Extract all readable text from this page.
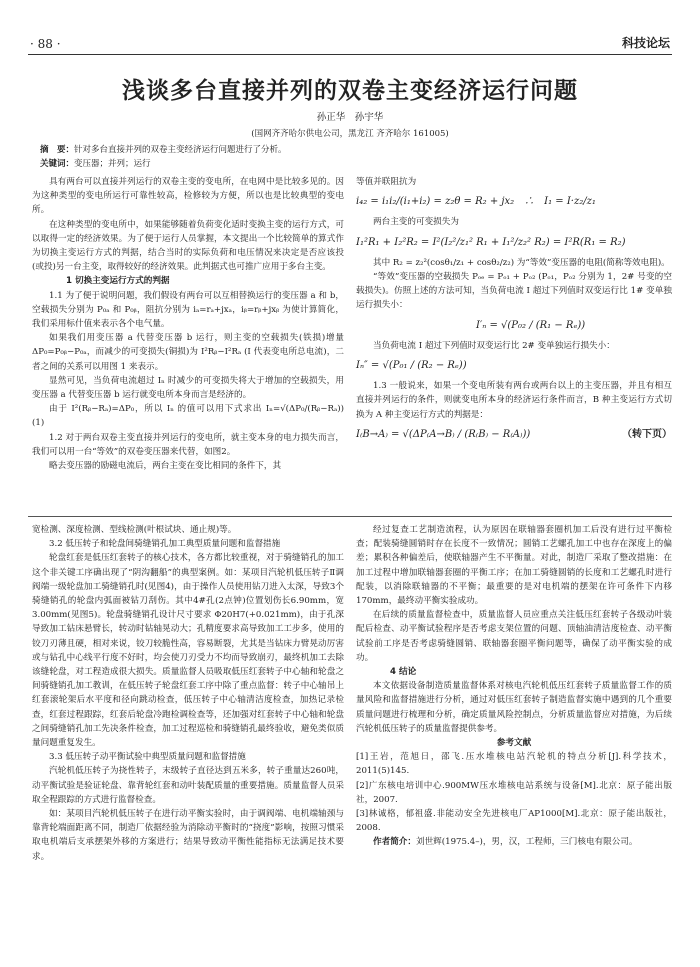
· 88 ·	科技论坛
浅谈多台直接并列的双卷主变经济运行问题
孙正华　孙宇华
(国网齐齐哈尔供电公司，黑龙江 齐齐哈尔 161005)
摘　要：针对多台直接并列的双卷主变经济运行问题进行了分析。
关键词：变压器；并列；运行

具有两台可以直接并列运行的双卷主变的变电所，在电网中是比较多见的。因为这种类型的变电所运行可靠性较高，检修较为方便，所以也是比较典型的变电所。

在这种类型的变电所中，如果能够随着负荷变化适时变换主变的运行方式，可以取得一定的经济效果。为了便于运行人员掌握，本文提出一个比较简单的算式作为切换主变运行方式的判据，结合当时的实际负荷和电压情况来决定是否应该投(或投)另一台主变，取得较好的经济效果。此判据式也可推广应用于多台主变。

1 切换主变运行方式的判据

1.1 为了便于说明问题，我们假设有两台可以互相替换运行的变压器 a 和 b，空载损失分别为 P₀ₐ 和 P₀ᵦ，阻抗分别为 iₐ=rₐ+jxₐ，iᵦ=rᵦ+jxᵦ 为使计算简化，我们采用标什值来表示各个电气量。

如果我们用变压器 a 代替变压器 b 运行，则主变的空载损失(铁损)增量 ΔP₀=P₀ᵦ−P₀ₐ，而减少的可变损失(铜损)为 I²Rᵦ−I²Rₐ (I 代表变电所总电流)，二者之间的关系可以用图 1 来表示。

显然可见，当负荷电流超过 Iₙ 时减少的可变损失将大于增加的空载损失，用变压器 a 代替变压器 b 运行就变电所本身而言是经济的。

由于 I²(Rᵦ−Rₐ)=ΔP₀，所以 Iₙ 的值可以用下式求出 Iₙ=√(ΔP₀/(Rᵦ−Rₐ))　(1)

1.2 对于两台双卷主变直接并列运行的变电所，就主变本身的电力损失而言，我们可以用一台“等效”的双卷变压器来代替，如图2。

略去变压器的励磁电流后，两台主变在变比相同的条件下，其

等值并联阻抗为

i₄₂ = i₁i₂/(i₁+i₂) = z₂θ = R₂ + jx₂　∴　I₁ = I·z₂/z₁

两台主变的可变损失为

I₁²R₁ + I₂²R₂ = I²(I₂²/z₁² R₁ + I₁²/z₂² R₂) = I²R(R₁ = R₂)

其中 R₂ = z₂²(cosθ₁/z₁ + cosθ₂/z₂) 为“等效”变压器的电阻(简称等效电阻)。

“等效”变压器的空载损失 Pₒₑ = Pₒ₁ + Pₒ₂ (Pₒ₁，Pₒ₂ 分别为 1，2# 号变的空载损失)。仿照上述的方法可知，当负荷电流 I 超过下列值时双变运行比 1# 变单独运行损失小：

I′ₙ = √(P₀₂ / (R₁ − Rₑ))

当负荷电流 I 超过下列值时双变运行比 2# 变单独运行损失小：

Iₙ″ = √(P₀₁ / (R₂ − Rₑ))

1.3 一般说来，如果一个变电所装有两台或两台以上的主变压器，并且有相互直接并列运行的条件，则就变电所本身的经济运行条件而言，B 种主变运行方式切换为 A 种主变运行方式的判据是：

I₍B→A₎ = √(ΔP₍A→B₎ / (R₍B₎ − R₍A₎))	（转下页）

宽检测、深度检测、型线检测(叶根试块、通止规)等。

3.2 低压转子和轮盘间骑缝销孔加工典型质量问题和监督措施

轮盘红套是低压红套转子的核心技术，各方都比较重视，对于骑缝销孔的加工这个非关键工序确出现了“阴沟翻船”的典型案例。如：某项目汽轮机低压转子Ⅱ调阀端一级轮盘加工骑缝销孔时(见图4)，由于操作人员使用钻刀进入太深，导致3个骑缝销孔的轮盘内弧面被钻刀刮伤。其中4#孔(2点钟)位置划伤长6.90mm，宽3.00mm(见图5)。轮盘骑缝销孔设计尺寸要求 Φ20H7(+0.021mm)，由于孔深导致加工钻床悬臂长，转动时钻轴晃动大；孔精度要求高导致加工工步多，使用的铰刀刃薄且硬，相对来说，铰刀较脆性高，容易断裂，尤其是当钻床力臂晃动厉害或与钻孔中心线平行度不好时，均会使刀刃受力不均而导致崩刃，最终机加工去除该缝轮盘，对工程造成很大损失。质量监督人员吸取低压红套转子中心轴和轮盘之间骑缝销孔加工教训，在低压转子轮盘红套工序中除了重点监督：转子中心轴吊上红套滚轮架后水平度和径向跳动检查，低压转子中心轴清洁度检查，加热记录检查，红套过程跟踪，红套后轮盘冷跑检调检查等，还加强对红套转子中心轴和轮盘之间骑缝销孔加工先决条件检查，加工过程巡检和骑缝销孔最终验收，避免类似质量问题重复发生。

3.3 低压转子动平衡试验中典型质量问题和监督措施

汽轮机低压转子为挠性转子，末级转子直径达到五米多，转子重量达260吨，动平衡试验是验证轮盘、靠背轮红套和动叶装配质量的重要措施。质量监督人员采取全程跟踪的方式进行监督检查。

如：某项目汽轮机低压转子在进行动平衡实验时，由于调阀端、电机端轴颈与靠背轮端面距离不同，制造厂依据经验为消除动平衡时的“挠度”影响，按照习惯采取电机端后支承摆架外移的方案进行；结果导致动平衡性能指标无法满足技术要求。

经过复查工艺制造流程，认为原因在联轴器套圈机加工后没有进行过平衡检查；配装骑缝圆销时存在长度不一致情况；圆销工艺螺孔加工中也存在深度上的偏差；累积各种偏差后，使联轴器产生不平衡量。对此，制造厂采取了整改措施：在加工过程中增加联轴器套圈的平衡工序；在加工骑缝圆销的长度和工艺螺孔时进行配装，以消除联轴器的不平衡；最重要的是对电机端的摆架在许可条件下内移170mm，最终动平衡实验成功。

在后续的质量监督检查中，质量监督人员应重点关注低压红套转子各级动叶装配后检查、动平衡试验程序是否考虑支架位置的问题、顶轴油清洁度检查、动平衡试验前工序是否考虑骑缝圆销、联轴器套圈平衡问题等，确保了动平衡实验的成功。

4 结论

本文依据设备制造质量监督体系对核电汽轮机低压红套转子质量监督工作的质量风险和监督措施进行分析，通过对低压红套转子制造监督实施中遇到的几个重要质量问题进行梳理和分析，确定质量风险控制点，分析质量监督应对措施，为后续汽轮机低压转子的质量监督提供参考。

参考文献

[1]王岩，范旭日，邵飞.压水堆核电站汽轮机的特点分析[J].科学技术，2011(5)145.

[2]广东核电培训中心.900MW压水堆核电站系统与设备[M].北京：原子能出版社，2007.

[3]林诚格，郁祖盛.非能动安全先进核电厂AP1000[M].北京：原子能出版社，2008.

作者简介：刘世辉(1975.4–)，男，汉，工程师，三门核电有限公司。
